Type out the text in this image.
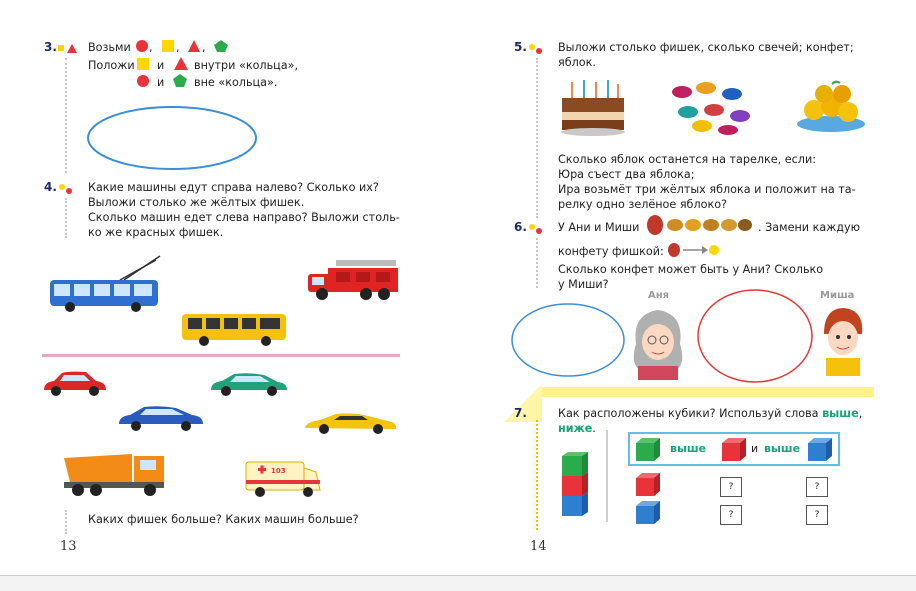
3.	Возьми , , ,
Положи и	внутри «кольца»,
и	вне «кольца».
4.	Какие машины едут справа налево? Сколько их?
Выложи столько же жёлтых фишек.
Сколько машин едет слева направо? Выложи столь-
ко же красных фишек.
103
Каких фишек больше? Каких машин больше?
13
5.	Выложи столько фишек, сколько свечей; конфет;
яблок.
Сколько яблок останется на тарелке, если:
Юра съест два яблока;
Ира возьмёт три жёлтых яблока и положит на та-
релку одно зелёное яблоко?
6.	У Ани и Миши	. Замени каждую
конфету фишкой:
Сколько конфет может быть у Ани? Сколько
у Миши?
Аня	Миша
7.	Как расположены кубики? Используй слова выше,
ниже.
выше	и выше
?	?
?	?
14
